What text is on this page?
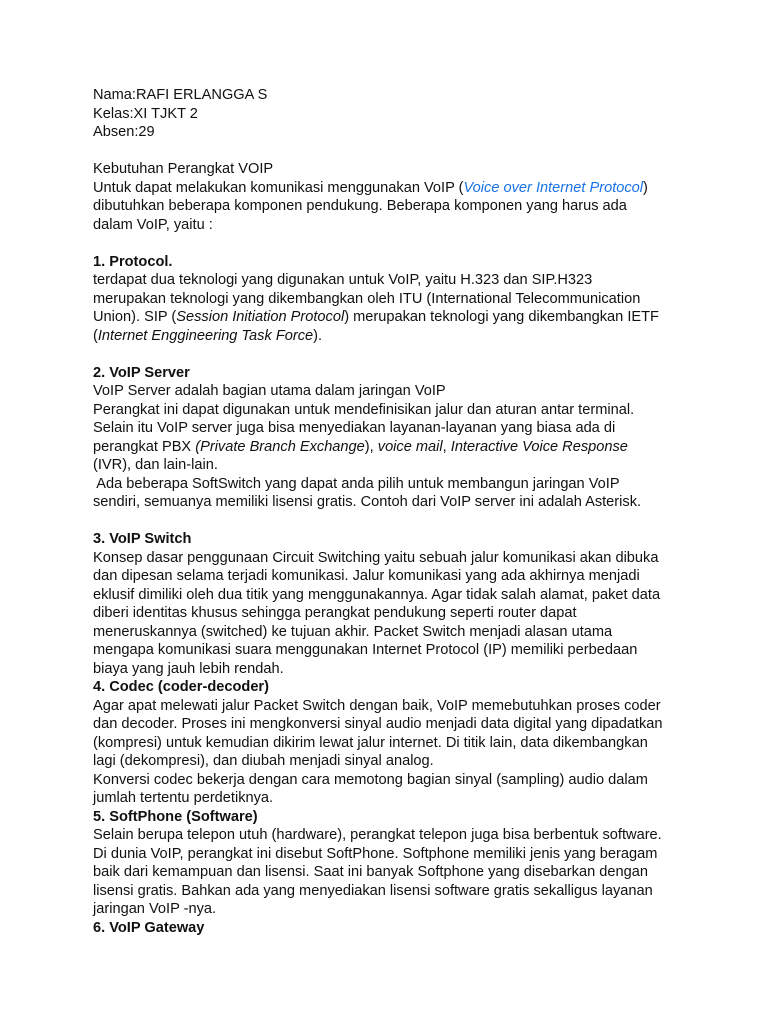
Nama:RAFI ERLANGGA S
Kelas:XI TJKT 2
Absen:29
Kebutuhan Perangkat VOIP
Untuk dapat melakukan komunikasi menggunakan VoIP (Voice over Internet Protocol)
dibutuhkan beberapa komponen pendukung. Beberapa komponen yang harus ada
dalam VoIP, yaitu :
1. Protocol.
terdapat dua teknologi yang digunakan untuk VoIP, yaitu H.323 dan SIP.H323
merupakan teknologi yang dikembangkan oleh ITU (International Telecommunication
Union). SIP (Session Initiation Protocol) merupakan teknologi yang dikembangkan IETF
(Internet Enggineering Task Force).
2. VoIP Server
VoIP Server adalah bagian utama dalam jaringan VoIP
Perangkat ini dapat digunakan untuk mendefinisikan jalur dan aturan antar terminal.
Selain itu VoIP server juga bisa menyediakan layanan-layanan yang biasa ada di
perangkat PBX (Private Branch Exchange), voice mail, Interactive Voice Response
(IVR), dan lain-lain.
Ada beberapa SoftSwitch yang dapat anda pilih untuk membangun jaringan VoIP
sendiri, semuanya memiliki lisensi gratis. Contoh dari VoIP server ini adalah Asterisk.
3. VoIP Switch
Konsep dasar penggunaan Circuit Switching yaitu sebuah jalur komunikasi akan dibuka
dan dipesan selama terjadi komunikasi. Jalur komunikasi yang ada akhirnya menjadi
eklusif dimiliki oleh dua titik yang menggunakannya. Agar tidak salah alamat, paket data
diberi identitas khusus sehingga perangkat pendukung seperti router dapat
meneruskannya (switched) ke tujuan akhir. Packet Switch menjadi alasan utama
mengapa komunikasi suara menggunakan Internet Protocol (IP) memiliki perbedaan
biaya yang jauh lebih rendah.
4. Codec (coder-decoder)
Agar apat melewati jalur Packet Switch dengan baik, VoIP memebutuhkan proses coder
dan decoder. Proses ini mengkonversi sinyal audio menjadi data digital yang dipadatkan
(kompresi) untuk kemudian dikirim lewat jalur internet. Di titik lain, data dikembangkan
lagi (dekompresi), dan diubah menjadi sinyal analog.
Konversi codec bekerja dengan cara memotong bagian sinyal (sampling) audio dalam
jumlah tertentu perdetiknya.
5. SoftPhone (Software)
Selain berupa telepon utuh (hardware), perangkat telepon juga bisa berbentuk software.
Di dunia VoIP, perangkat ini disebut SoftPhone. Softphone memiliki jenis yang beragam
baik dari kemampuan dan lisensi. Saat ini banyak Softphone yang disebarkan dengan
lisensi gratis. Bahkan ada yang menyediakan lisensi software gratis sekalligus layanan
jaringan VoIP -nya.
6. VoIP Gateway
